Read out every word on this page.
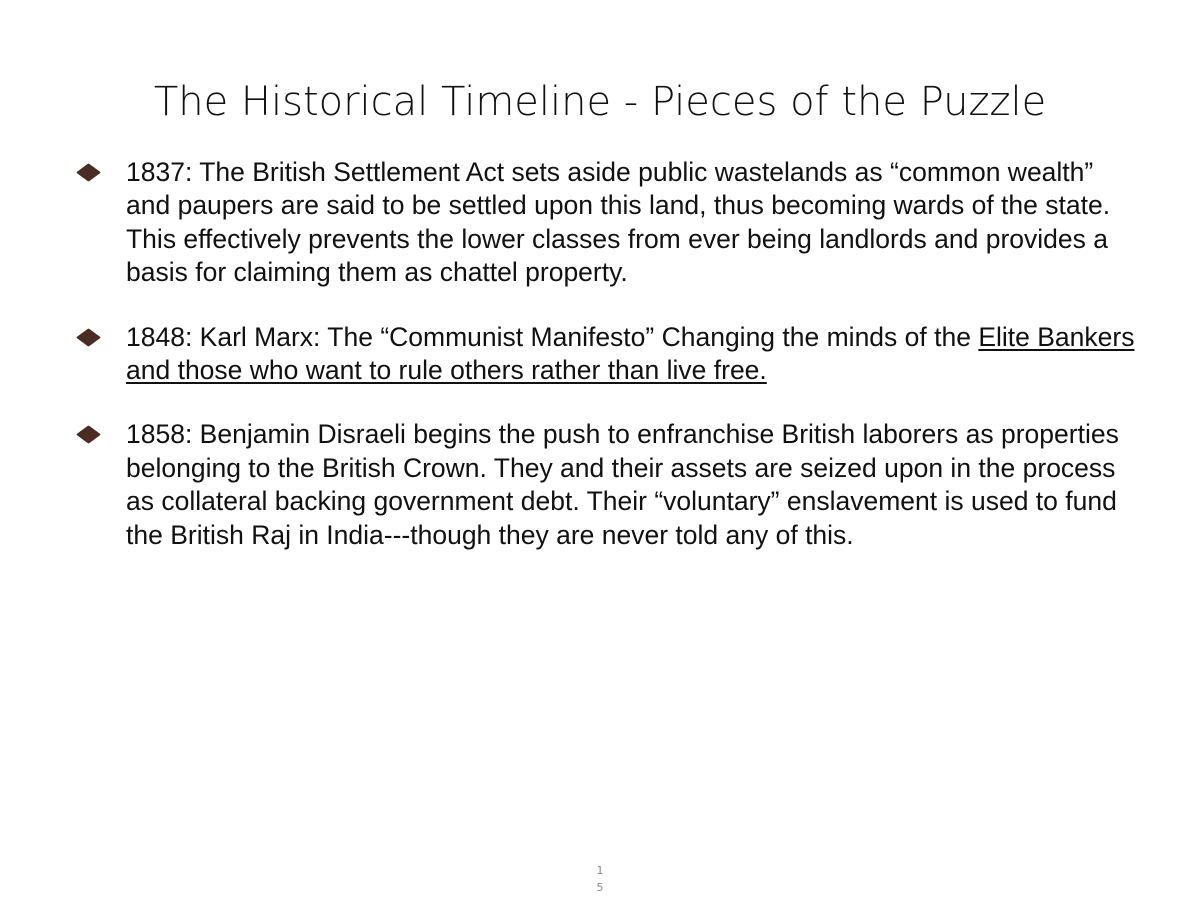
The Historical Timeline - Pieces of the Puzzle
1837: The British Settlement Act sets aside public wastelands as “common wealth” and paupers are said to be settled upon this land, thus becoming wards of the state. This effectively prevents the lower classes from ever being landlords and provides a basis for claiming them as chattel property.
1848: Karl Marx: The “Communist Manifesto” Changing the minds of the Elite Bankers and those who want to rule others rather than live free.
1858: Benjamin Disraeli begins the push to enfranchise British laborers as properties belonging to the British Crown. They and their assets are seized upon in the process as collateral backing government debt. Their “voluntary” enslavement is used to fund the British Raj in India---though they are never told any of this.
1
5
